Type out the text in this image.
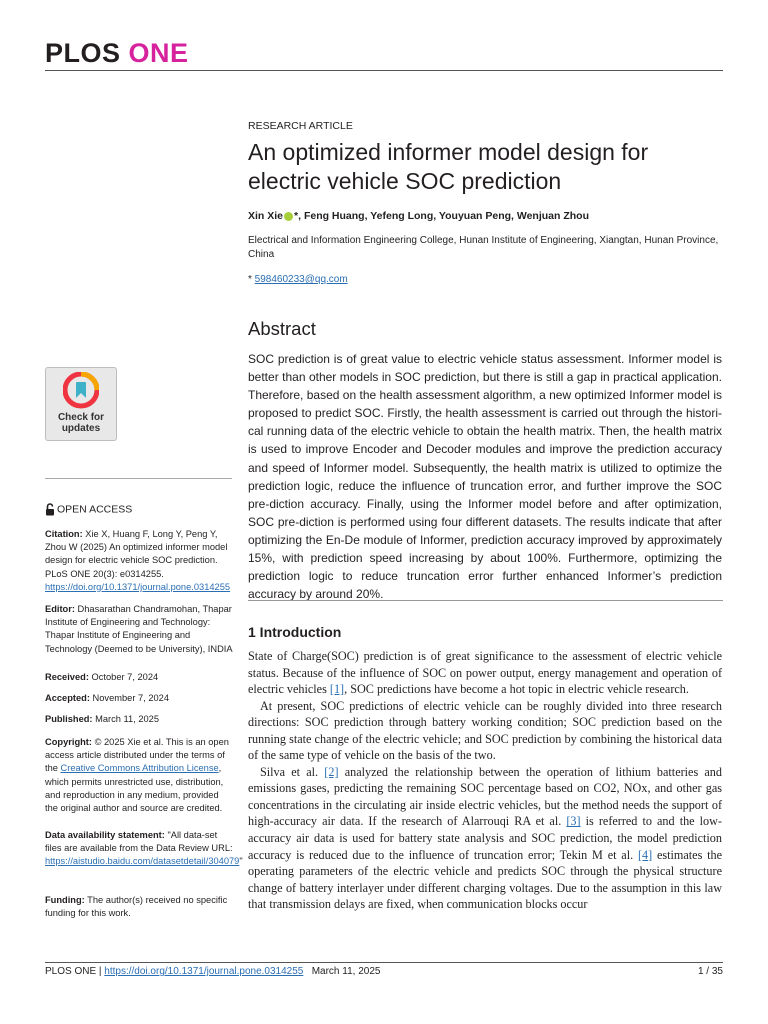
PLOS ONE
RESEARCH ARTICLE
An optimized informer model design for
electric vehicle SOC prediction
Xin Xie *, Feng Huang, Yefeng Long, Youyuan Peng, Wenjuan Zhou
Electrical and Information Engineering College, Hunan Institute of Engineering, Xiangtan, Hunan Province, China
* 598460233@qq.com
Abstract
SOC prediction is of great value to electric vehicle status assessment. Informer model is better than other models in SOC prediction, but there is still a gap in practical application. Therefore, based on the health assessment algorithm, a new optimized Informer model is proposed to predict SOC. Firstly, the health assessment is carried out through the histori-cal running data of the electric vehicle to obtain the health matrix. Then, the health matrix is used to improve Encoder and Decoder modules and improve the prediction accuracy and speed of Informer model. Subsequently, the health matrix is utilized to optimize the prediction logic, reduce the influence of truncation error, and further improve the SOC pre-diction accuracy. Finally, using the Informer model before and after optimization, SOC pre-diction is performed using four different datasets. The results indicate that after optimizing the En-De module of Informer, prediction accuracy improved by approximately 15%, with prediction speed increasing by about 100%. Furthermore, optimizing the prediction logic to reduce truncation error further enhanced Informer’s prediction accuracy by around 20%.
1 Introduction

State of Charge(SOC) prediction is of great significance to the assessment of electric vehicle status. Because of the influence of SOC on power output, energy management and operation of electric vehicles [1], SOC predictions have become a hot topic in electric vehicle research.

At present, SOC predictions of electric vehicle can be roughly divided into three research directions: SOC prediction through battery working condition; SOC prediction based on the running state change of the electric vehicle; and SOC prediction by combining the historical data of the same type of vehicle on the basis of the two.

Silva et al. [2] analyzed the relationship between the operation of lithium batteries and emissions gases, predicting the remaining SOC percentage based on CO2, NOx, and other gas concentrations in the circulating air inside electric vehicles, but the method needs the support of high-accuracy air data. If the research of Alarrouqi RA et al. [3] is referred to and the low-accuracy air data is used for battery state analysis and SOC prediction, the model prediction accuracy is reduced due to the influence of truncation error; Tekin M et al. [4] estimates the operating parameters of the electric vehicle and predicts SOC through the physical structure change of battery interlayer under different charging voltages. Due to the assumption in this law that transmission delays are fixed, when communication blocks occur

Check for
updates
OPEN ACCESS
Citation: Xie X, Huang F, Long Y, Peng Y, Zhou W (2025) An optimized informer model design for electric vehicle SOC prediction. PLoS ONE 20(3): e0314255. https://doi.org/10.1371/journal.pone.0314255
Editor: Dhasarathan Chandramohan, Thapar Institute of Engineering and Technology: Thapar Institute of Engineering and Technology (Deemed to be University), INDIA
Received: October 7, 2024
Accepted: November 7, 2024
Published: March 11, 2025
Copyright: © 2025 Xie et al. This is an open access article distributed under the terms of the Creative Commons Attribution License, which permits unrestricted use, distribution, and reproduction in any medium, provided the original author and source are credited.
Data availability statement: "All data-set files are available from the Data Review URL: https://aistudio.baidu.com/datasetdetail/304079"
Funding: The author(s) received no specific funding for this work.
PLOS ONE | https://doi.org/10.1371/journal.pone.0314255 March 11, 2025	1 / 35
